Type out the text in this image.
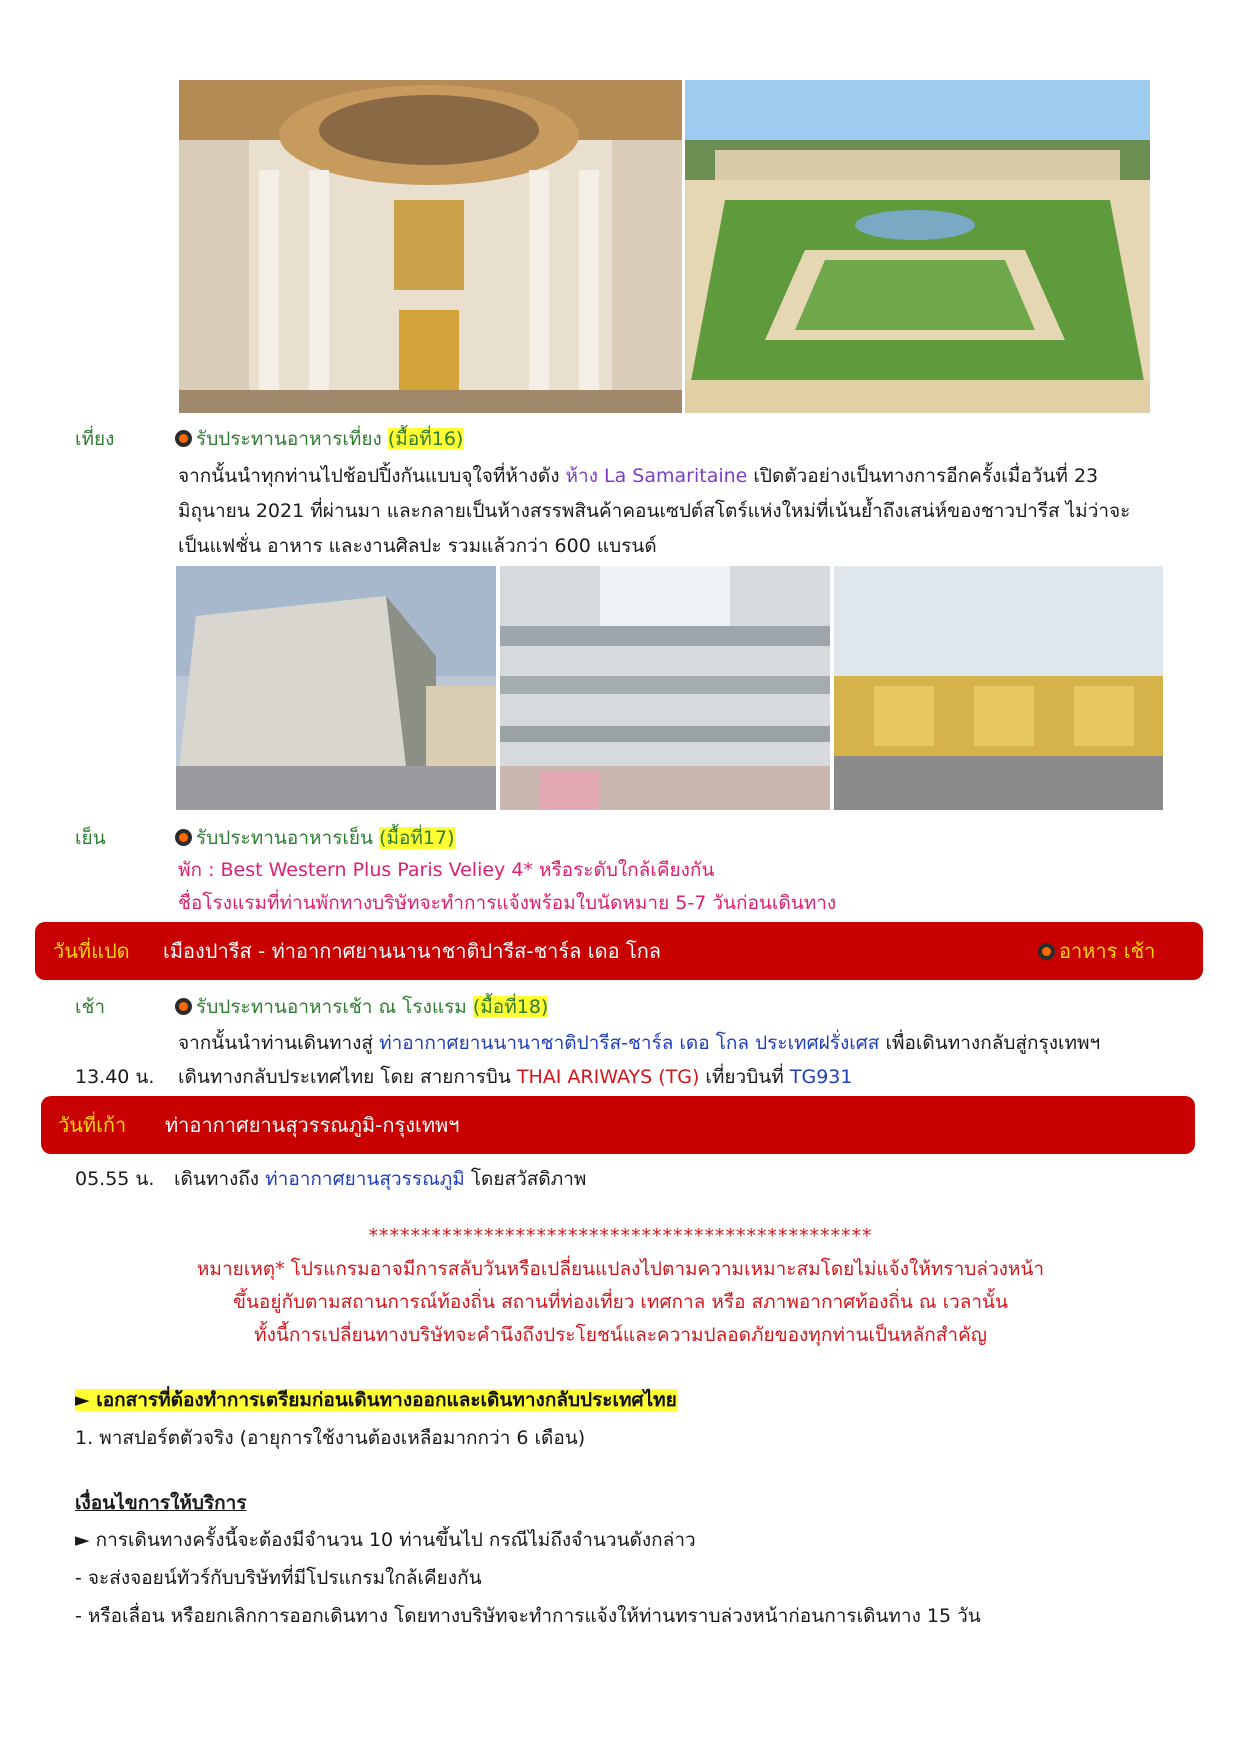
เที่ยง	รับประทานอาหารเที่ยง (มื้อที่16)
จากนั้นนำทุกท่านไปช้อปปิ้งกันแบบจุใจที่ห้างดัง ห้าง La Samaritaine เปิดตัวอย่างเป็นทางการอีกครั้งเมื่อวันที่ 23
มิถุนายน 2021 ที่ผ่านมา และกลายเป็นห้างสรรพสินค้าคอนเซปต์สโตร์แห่งใหม่ที่เน้นย้ำถึงเสน่ห์ของชาวปารีส ไม่ว่าจะ
เป็นแฟชั่น อาหาร และงานศิลปะ รวมแล้วกว่า 600 แบรนด์
เย็น	รับประทานอาหารเย็น (มื้อที่17)
พัก : Best Western Plus Paris Veliey 4* หรือระดับใกล้เคียงกัน
ชื่อโรงแรมที่ท่านพักทางบริษัทจะทำการแจ้งพร้อมใบนัดหมาย 5-7 วันก่อนเดินทาง
วันที่แปด เมืองปารีส - ท่าอากาศยานนานาชาติปารีส-ชาร์ล เดอ โกล	อาหาร เช้า
เช้า	รับประทานอาหารเช้า ณ โรงแรม (มื้อที่18)
จากนั้นนำท่านเดินทางสู่ ท่าอากาศยานนานาชาติปารีส-ชาร์ล เดอ โกล ประเทศฝรั่งเศส เพื่อเดินทางกลับสู่กรุงเทพฯ
13.40 น. เดินทางกลับประเทศไทย โดย สายการบิน THAI ARIWAYS (TG) เที่ยวบินที่ TG931
วันที่เก้า ท่าอากาศยานสุวรรณภูมิ-กรุงเทพฯ
05.55 น. เดินทางถึง ท่าอากาศยานสุวรรณภูมิ โดยสวัสดิภาพ
************************************************
หมายเหตุ* โปรแกรมอาจมีการสลับวันหรือเปลี่ยนแปลงไปตามความเหมาะสมโดยไม่แจ้งให้ทราบล่วงหน้า
ขึ้นอยู่กับตามสถานการณ์ท้องถิ่น สถานที่ท่องเที่ยว เทศกาล หรือ สภาพอากาศท้องถิ่น ณ เวลานั้น
ทั้งนี้การเปลี่ยนทางบริษัทจะคำนึงถึงประโยชน์และความปลอดภัยของทุกท่านเป็นหลักสำคัญ
► เอกสารที่ต้องทำการเตรียมก่อนเดินทางออกและเดินทางกลับประเทศไทย
1. พาสปอร์ตตัวจริง (อายุการใช้งานต้องเหลือมากกว่า 6 เดือน)
เงื่อนไขการให้บริการ
► การเดินทางครั้งนี้จะต้องมีจำนวน 10 ท่านขึ้นไป กรณีไม่ถึงจำนวนดังกล่าว
- จะส่งจอยน์ทัวร์กับบริษัทที่มีโปรแกรมใกล้เคียงกัน
- หรือเลื่อน หรือยกเลิกการออกเดินทาง โดยทางบริษัทจะทำการแจ้งให้ท่านทราบล่วงหน้าก่อนการเดินทาง 15 วัน
